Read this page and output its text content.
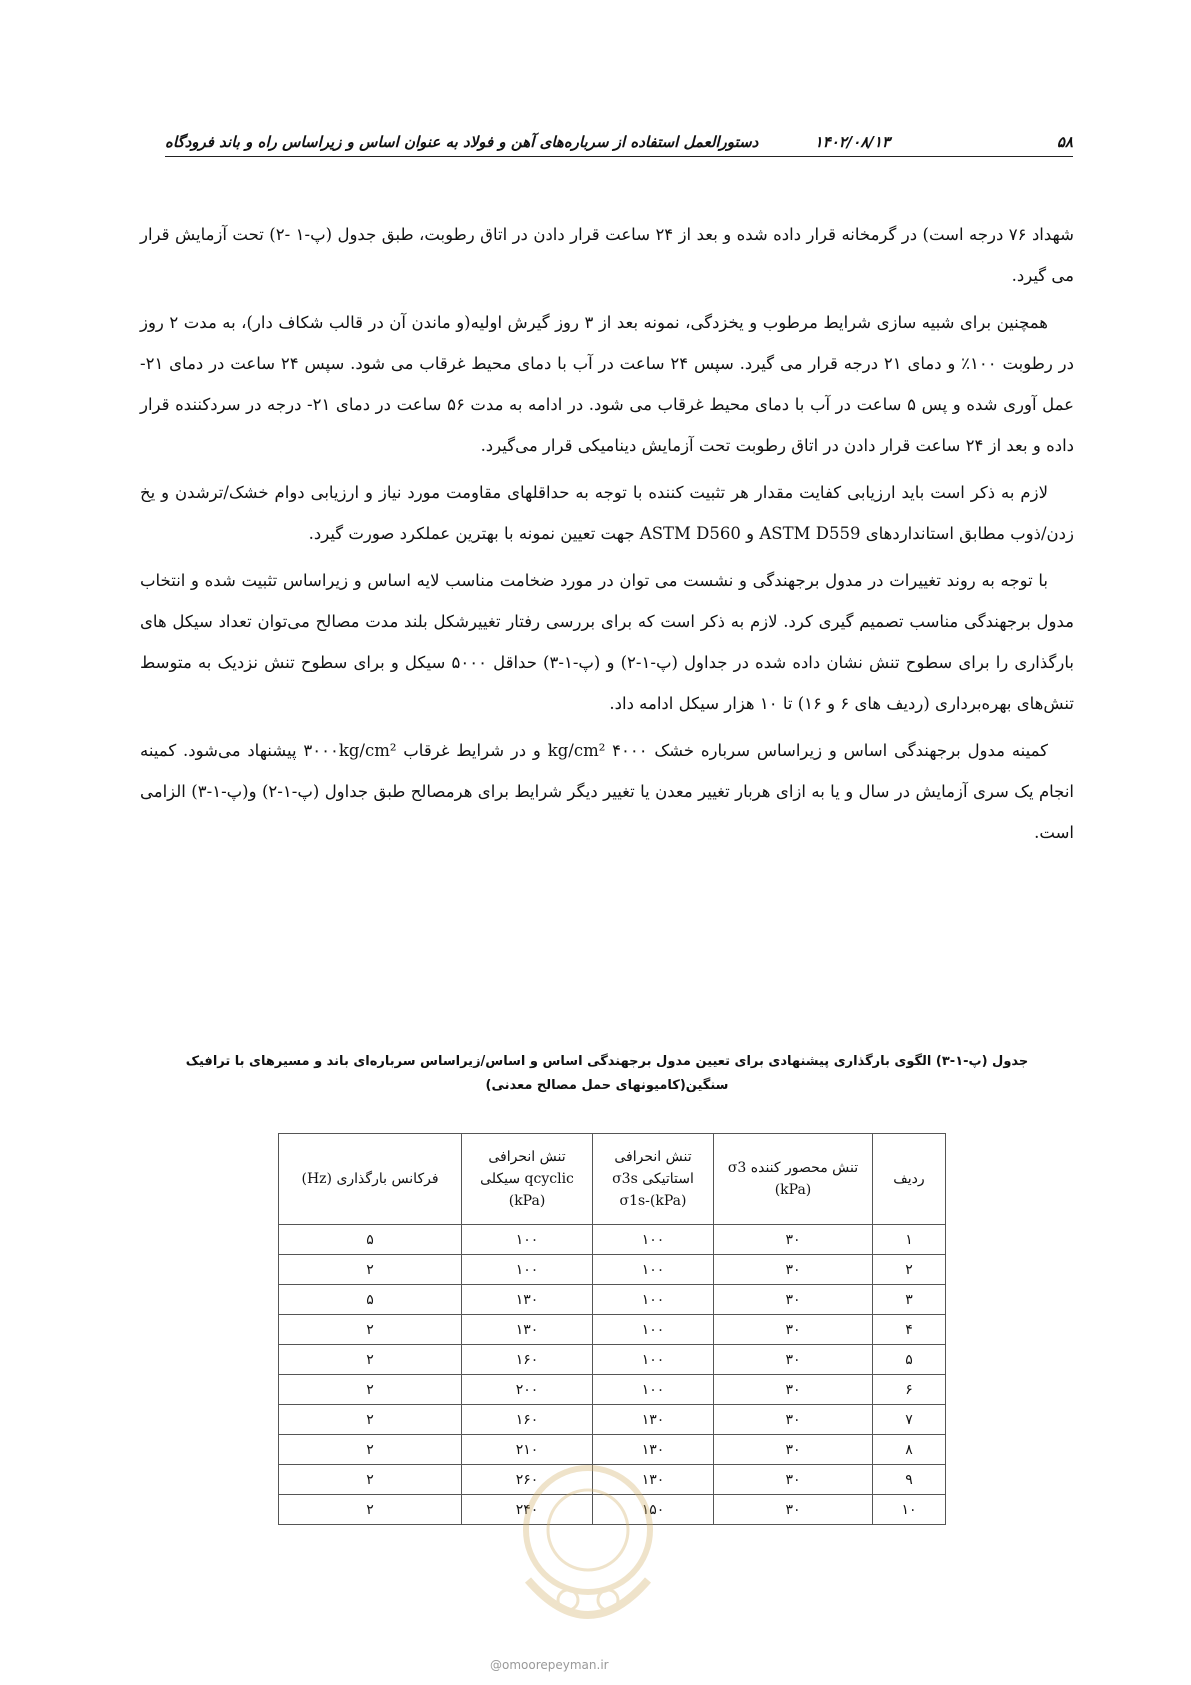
۵۸
۱۴۰۲/۰۸/۱۳
دستورالعمل استفاده از سرباره‌های آهن و فولاد به عنوان اساس و زیراساس راه و باند فرودگاه

شهداد ۷۶ درجه است) در گرمخانه قرار داده شده و بعد از ۲۴ ساعت قرار دادن در اتاق رطوبت، طبق جدول (پ-۱ -۲) تحت آزمایش قرار می گیرد.

همچنین برای شبیه سازی شرایط مرطوب و یخزدگی، نمونه بعد از ۳ روز گیرش اولیه(و ماندن آن در قالب شکاف دار)، به مدت ۲ روز در رطوبت ۱۰۰٪ و دمای ۲۱ درجه قرار می گیرد. سپس ۲۴ ساعت در آب با دمای محیط غرقاب می شود. سپس ۲۴ ساعت در دمای ۲۱- عمل آوری شده و پس ۵ ساعت در آب با دمای محیط غرقاب می شود. در ادامه به مدت ۵۶ ساعت در دمای ۲۱- درجه در سردکننده قرار داده و بعد از ۲۴ ساعت قرار دادن در اتاق رطوبت تحت آزمایش دینامیکی قرار می‌گیرد.

لازم به ذکر است باید ارزیابی کفایت مقدار هر تثبیت کننده با توجه به حداقلهای مقاومت مورد نیاز و ارزیابی دوام خشک/ترشدن و یخ زدن/ذوب مطابق استانداردهای ASTM D559 و ASTM D560 جهت تعیین نمونه با بهترین عملکرد صورت گیرد.

با توجه به روند تغییرات در مدول برجهندگی و نشست می توان در مورد ضخامت مناسب لایه اساس و زیراساس تثبیت شده و انتخاب مدول برجهندگی مناسب تصمیم گیری کرد. لازم به ذکر است که برای بررسی رفتار تغییرشکل بلند مدت مصالح می‌توان تعداد سیکل های بارگذاری را برای سطوح تنش نشان داده شده در جداول (پ-۱-۲) و (پ-۱-۳) حداقل ۵۰۰۰ سیکل و برای سطوح تنش نزدیک به متوسط تنش‌های بهره‌برداری (ردیف های ۶ و ۱۶) تا ۱۰ هزار سیکل ادامه داد.

کمینه مدول برجهندگی اساس و زیراساس سرباره خشک ۴۰۰۰ kg/cm² و در شرایط غرقاب ۳۰۰۰kg/cm² پیشنهاد می‌شود. کمینه انجام یک سری آزمایش در سال و یا به ازای هربار تغییر معدن یا تغییر دیگر شرایط برای هرمصالح طبق جداول (پ-۱-۲) و(پ-۱-۳) الزامی است.

جدول (پ-۱-۳) الگوی بارگذاری پیشنهادی برای تعیین مدول برجهندگی اساس و اساس/زیراساس سرباره‌ای باند و مسیرهای با ترافیک سنگین(کامیونهای حمل مصالح معدنی)
ردیف	تنش محصور کننده σ3 (kPa)	تنش انحرافی استاتیکی σ3s σ1s-(kPa)	تنش انحرافی qcyclic سیکلی (kPa)	فرکانس بارگذاری (Hz)
۱	۳۰	۱۰۰	۱۰۰	۵
۲	۳۰	۱۰۰	۱۰۰	۲
۳	۳۰	۱۰۰	۱۳۰	۵
۴	۳۰	۱۰۰	۱۳۰	۲
۵	۳۰	۱۰۰	۱۶۰	۲
۶	۳۰	۱۰۰	۲۰۰	۲
۷	۳۰	۱۳۰	۱۶۰	۲
۸	۳۰	۱۳۰	۲۱۰	۲
۹	۳۰	۱۳۰	۲۶۰	۲
۱۰	۳۰	۱۵۰	۲۴۰	۲
@omoorepeyman.ir
